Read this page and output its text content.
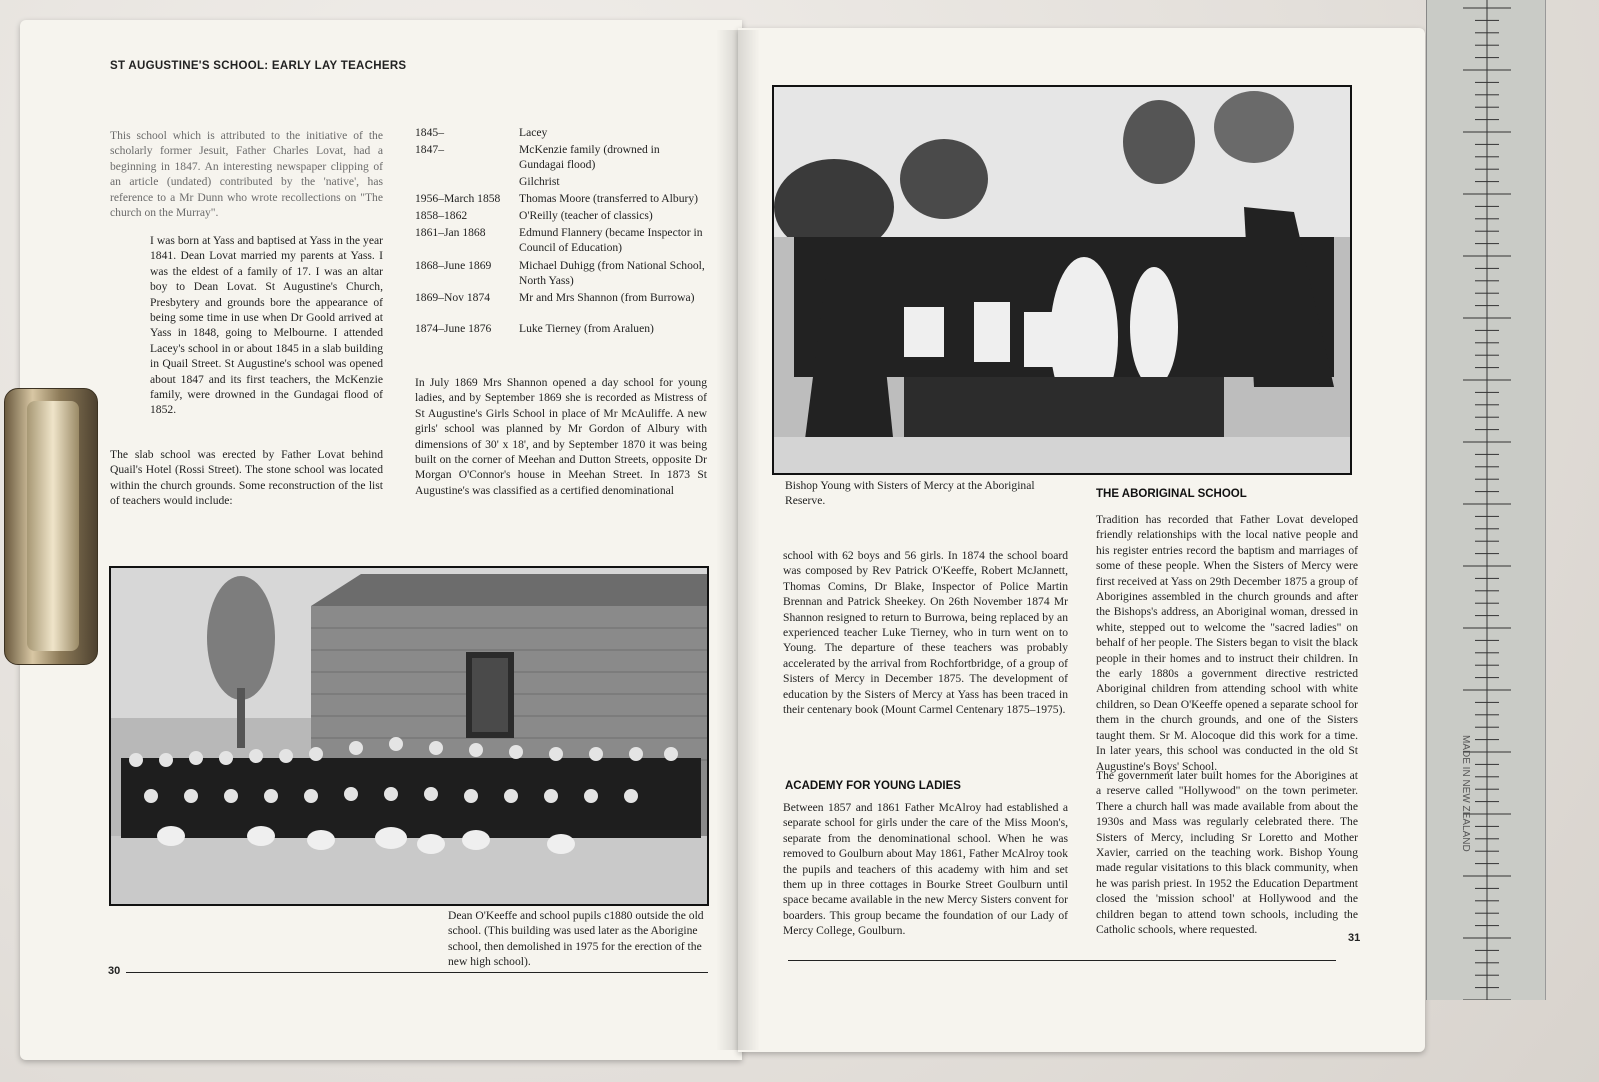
ST AUGUSTINE'S SCHOOL: EARLY LAY TEACHERS

This school which is attributed to the initiative of the scholarly former Jesuit, Father Charles Lovat, had a beginning in 1847. An interesting newspaper clipping of an article (undated) contributed by the 'native', has reference to a Mr Dunn who wrote recollections on "The church on the Murray".

I was born at Yass and baptised at Yass in the year 1841. Dean Lovat married my parents at Yass. I was the eldest of a family of 17. I was an altar boy to Dean Lovat. St Augustine's Church, Presbytery and grounds bore the appearance of being some time in use when Dr Goold arrived at Yass in 1848, going to Melbourne. I attended Lacey's school in or about 1845 in a slab building in Quail Street. St Augustine's school was opened about 1847 and its first teachers, the McKenzie family, were drowned in the Gundagai flood of 1852.

The slab school was erected by Father Lovat behind Quail's Hotel (Rossi Street). The stone school was located within the church grounds. Some reconstruction of the list of teachers would include:

1845–	Lacey
1847–	McKenzie family (drowned in Gundagai flood)
	Gilchrist
1956–March 1858	Thomas Moore (transferred to Albury)
1858–1862	O'Reilly (teacher of classics)
1861–Jan 1868	Edmund Flannery (became Inspector in Council of Education)
1868–June 1869	Michael Duhigg (from National School, North Yass)
1869–Nov 1874	Mr and Mrs Shannon (from Burrowa)

1874–June 1876	Luke Tierney (from Araluen)

In July 1869 Mrs Shannon opened a day school for young ladies, and by September 1869 she is recorded as Mistress of St Augustine's Girls School in place of Mr McAuliffe. A new girls' school was planned by Mr Gordon of Albury with dimensions of 30' x 18', and by September 1870 it was being built on the corner of Meehan and Dutton Streets, opposite Dr Morgan O'Connor's house in Meehan Street. In 1873 St Augustine's was classified as a certified denominational

Dean O'Keeffe and school pupils c1880 outside the old school. (This building was used later as the Aborigine school, then demolished in 1975 for the erection of the new high school).

30

Bishop Young with Sisters of Mercy at the Aboriginal Reserve.

school with 62 boys and 56 girls. In 1874 the school board was composed by Rev Patrick O'Keeffe, Robert McJannett, Thomas Comins, Dr Blake, Inspector of Police Martin Brennan and Patrick Sheekey. On 26th November 1874 Mr Shannon resigned to return to Burrowa, being replaced by an experienced teacher Luke Tierney, who in turn went on to Young. The departure of these teachers was probably accelerated by the arrival from Rochfortbridge, of a group of Sisters of Mercy in December 1875. The development of education by the Sisters of Mercy at Yass has been traced in their centenary book (Mount Carmel Centenary 1875–1975).

ACADEMY FOR YOUNG LADIES

Between 1857 and 1861 Father McAlroy had established a separate school for girls under the care of the Miss Moon's, separate from the denominational school. When he was removed to Goulburn about May 1861, Father McAlroy took the pupils and teachers of this academy with him and set them up in three cottages in Bourke Street Goulburn until space became available in the new Mercy Sisters convent for boarders. This group became the foundation of our Lady of Mercy College, Goulburn.

THE ABORIGINAL SCHOOL

Tradition has recorded that Father Lovat developed friendly relationships with the local native people and his register entries record the baptism and marriages of some of these people. When the Sisters of Mercy were first received at Yass on 29th December 1875 a group of Aborigines assembled in the church grounds and after the Bishops's address, an Aboriginal woman, dressed in white, stepped out to welcome the "sacred ladies" on behalf of her people. The Sisters began to visit the black people in their homes and to instruct their children. In the early 1880s a government directive restricted Aboriginal children from attending school with white children, so Dean O'Keeffe opened a separate school for them in the church grounds, and one of the Sisters taught them. Sr M. Alocoque did this work for a time. In later years, this school was conducted in the old St Augustine's Boys' School.

The government later built homes for the Aborigines at a reserve called "Hollywood" on the town perimeter. There a church hall was made available from about the 1930s and Mass was regularly celebrated there. The Sisters of Mercy, including Sr Loretto and Mother Xavier, carried on the teaching work. Bishop Young made regular visitations to this black community, when he was parish priest. In 1952 the Education Department closed the 'mission school' at Hollywood and the children began to attend town schools, including the Catholic schools, where requested.

31
MADE IN NEW ZEALAND
